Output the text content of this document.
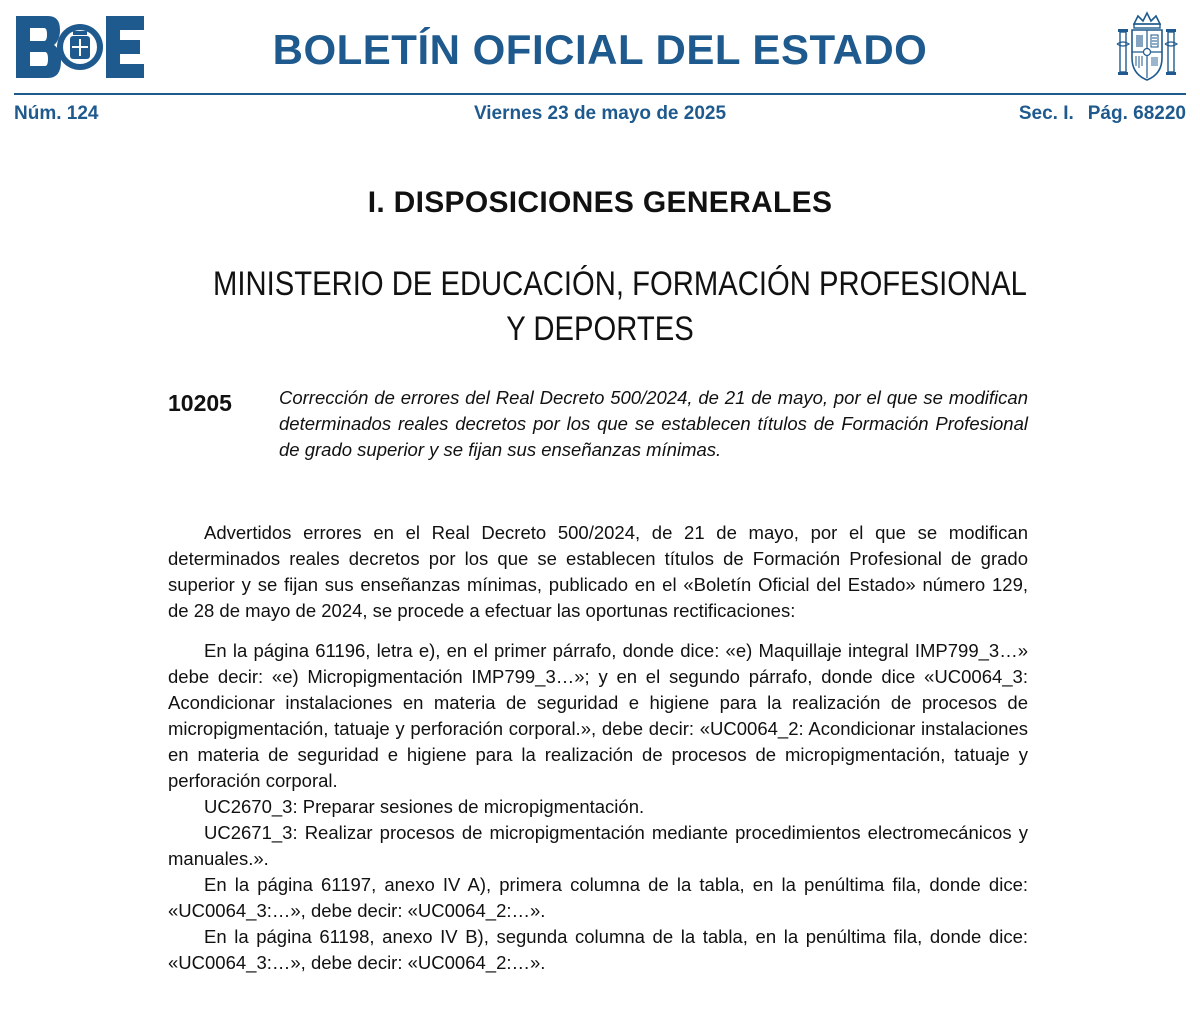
BOLETÍN OFICIAL DEL ESTADO
Núm. 124	Viernes 23 de mayo de 2025	Sec. I. Pág. 68220
I. DISPOSICIONES GENERALES
MINISTERIO DE EDUCACIÓN, FORMACIÓN PROFESIONAL
Y DEPORTES
10205	Corrección de errores del Real Decreto 500/2024, de 21 de mayo, por el que se modifican determinados reales decretos por los que se establecen títulos de Formación Profesional de grado superior y se fijan sus enseñanzas mínimas.

Advertidos errores en el Real Decreto 500/2024, de 21 de mayo, por el que se modifican determinados reales decretos por los que se establecen títulos de Formación Profesional de grado superior y se fijan sus enseñanzas mínimas, publicado en el «Boletín Oficial del Estado» número 129, de 28 de mayo de 2024, se procede a efectuar las oportunas rectificaciones:

En la página 61196, letra e), en el primer párrafo, donde dice: «e) Maquillaje integral IMP799_3…» debe decir: «e) Micropigmentación IMP799_3…»; y en el segundo párrafo, donde dice «UC0064_3: Acondicionar instalaciones en materia de seguridad e higiene para la realización de procesos de micropigmentación, tatuaje y perforación corporal.», debe decir: «UC0064_2: Acondicionar instalaciones en materia de seguridad e higiene para la realización de procesos de micropigmentación, tatuaje y perforación corporal.

UC2670_3: Preparar sesiones de micropigmentación.

UC2671_3: Realizar procesos de micropigmentación mediante procedimientos electromecánicos y manuales.».

En la página 61197, anexo IV A), primera columna de la tabla, en la penúltima fila, donde dice: «UC0064_3:…», debe decir: «UC0064_2:…».

En la página 61198, anexo IV B), segunda columna de la tabla, en la penúltima fila, donde dice: «UC0064_3:…», debe decir: «UC0064_2:…».
